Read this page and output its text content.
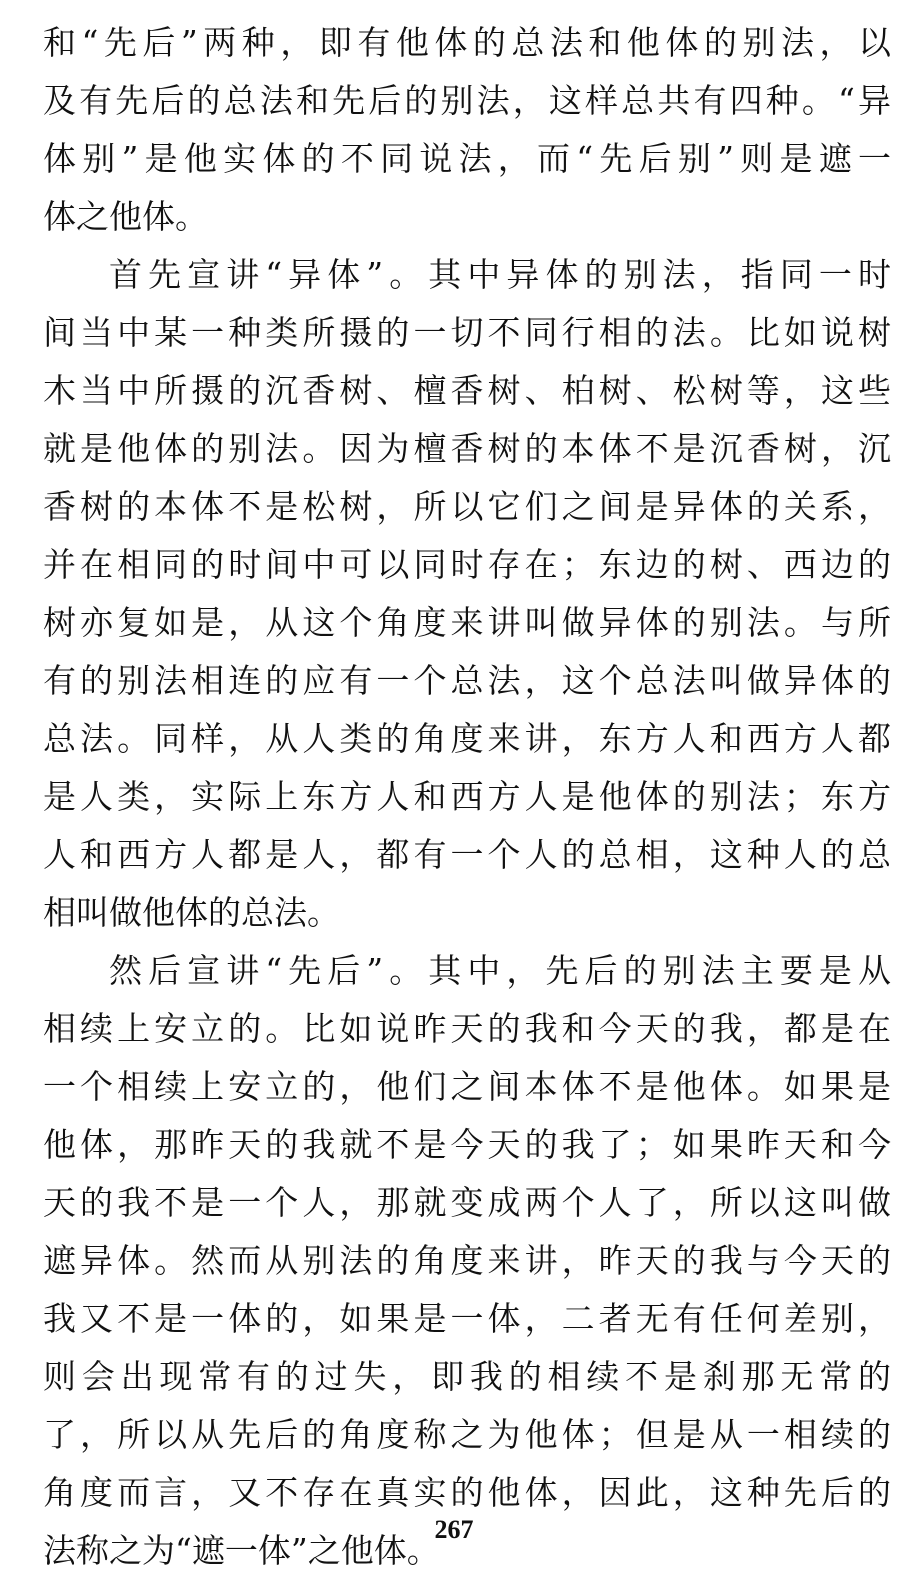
和“先后”两种，即有他体的总法和他体的别法，以
及有先后的总法和先后的别法，这样总共有四种。“异
体别”是他实体的不同说法，而“先后别”则是遮一
体之他体。
首先宣讲“异体”。其中异体的别法，指同一时
间当中某一种类所摄的一切不同行相的法。比如说树
木当中所摄的沉香树、檀香树、柏树、松树等，这些
就是他体的别法。因为檀香树的本体不是沉香树，沉
香树的本体不是松树，所以它们之间是异体的关系，
并在相同的时间中可以同时存在；东边的树、西边的
树亦复如是，从这个角度来讲叫做异体的别法。与所
有的别法相连的应有一个总法，这个总法叫做异体的
总法。同样，从人类的角度来讲，东方人和西方人都
是人类，实际上东方人和西方人是他体的别法；东方
人和西方人都是人，都有一个人的总相，这种人的总
相叫做他体的总法。
然后宣讲“先后”。其中，先后的别法主要是从
相续上安立的。比如说昨天的我和今天的我，都是在
一个相续上安立的，他们之间本体不是他体。如果是
他体，那昨天的我就不是今天的我了；如果昨天和今
天的我不是一个人，那就变成两个人了，所以这叫做
遮异体。然而从别法的角度来讲，昨天的我与今天的
我又不是一体的，如果是一体，二者无有任何差别，
则会出现常有的过失，即我的相续不是刹那无常的
了，所以从先后的角度称之为他体；但是从一相续的
角度而言，又不存在真实的他体，因此，这种先后的
法称之为“遮一体”之他体。
267
